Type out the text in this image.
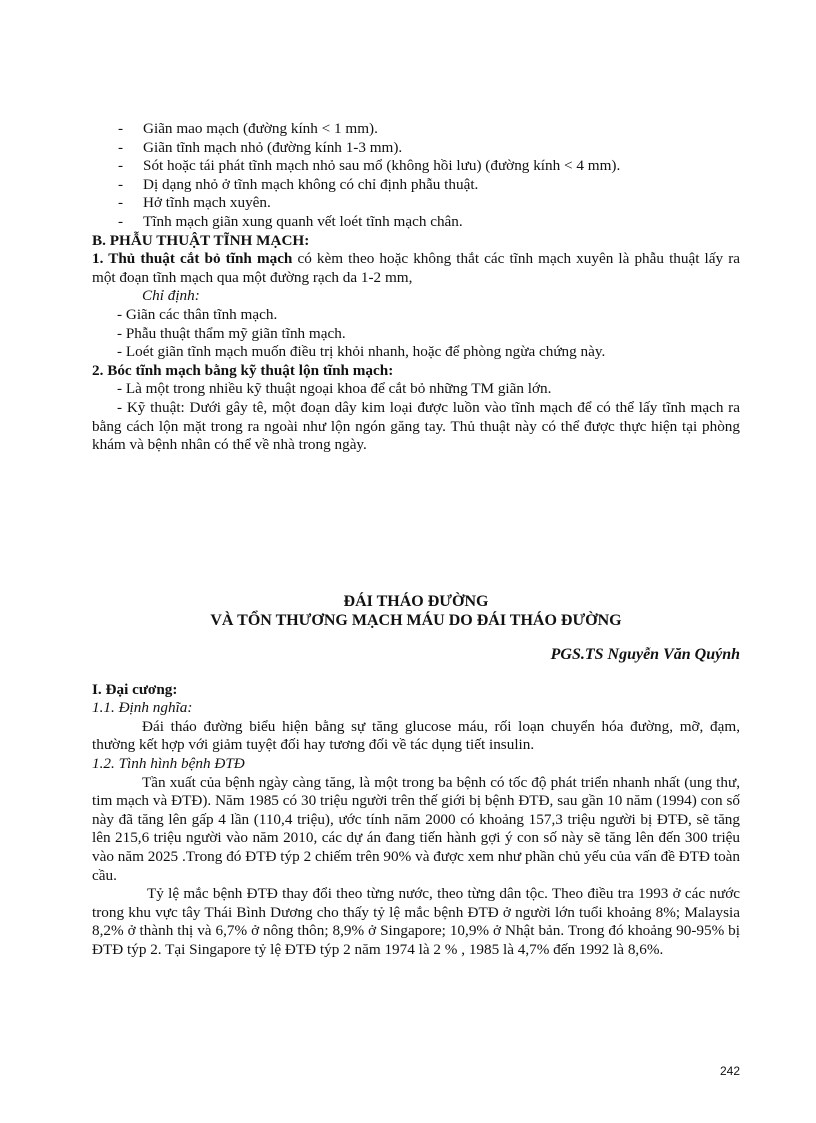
-	Giãn mao mạch (đường kính < 1 mm).
-	Giãn tĩnh mạch nhỏ (đường kính 1-3 mm).
-	Sót hoặc tái phát tĩnh mạch nhỏ sau mổ (không hồi lưu) (đường kính < 4 mm).
-	Dị dạng nhỏ ở tĩnh mạch không có chỉ định phẫu thuật.
-	Hở tĩnh mạch xuyên.
-	Tĩnh mạch giãn xung quanh vết loét tĩnh mạch chân.
B. PHẪU THUẬT TĨNH MẠCH:
1. Thủ thuật cắt bỏ tĩnh mạch có kèm theo hoặc không thắt các tĩnh mạch xuyên là phẫu thuật lấy ra một đoạn tĩnh mạch qua một đường rạch da 1-2 mm,
Chỉ định:
- Giãn các thân tĩnh mạch.
- Phẫu thuật thẩm mỹ giãn tĩnh mạch.
- Loét giãn tĩnh mạch muốn điều trị khỏi nhanh, hoặc để phòng ngừa chứng này.
2. Bóc tĩnh mạch bằng kỹ thuật lộn tĩnh mạch:
- Là một trong nhiều kỹ thuật ngoại khoa để cắt bỏ những TM giãn lớn.
- Kỹ thuật: Dưới gây tê, một đoạn dây kim loại được luồn vào tĩnh mạch để có thể lấy tĩnh mạch ra bằng cách lộn mặt trong ra ngoài như lộn ngón găng tay. Thủ thuật này có thể được thực hiện tại phòng khám và bệnh nhân có thể về nhà trong ngày.
ĐÁI THÁO ĐƯỜNG
VÀ TỔN THƯƠNG MẠCH MÁU DO ĐÁI THÁO ĐƯỜNG
PGS.TS Nguyễn Văn Quýnh
I. Đại cương:
1.1. Định nghĩa:
Đái tháo đường biểu hiện bằng sự tăng glucose máu, rối loạn chuyển hóa đường, mỡ, đạm, thường kết hợp với giảm tuyệt đối hay tương đối về tác dụng tiết insulin.
1.2. Tình hình bệnh ĐTĐ
Tần xuất của bệnh ngày càng tăng, là một trong ba bệnh có tốc độ phát triển nhanh nhất (ung thư, tim mạch và ĐTĐ). Năm 1985 có 30 triệu người trên thế giới bị bệnh ĐTĐ, sau gần 10 năm (1994) con số này đã tăng lên gấp 4 lần (110,4 triệu), ước tính năm 2000 có khoảng 157,3 triệu người bị ĐTĐ, sẽ tăng lên 215,6 triệu người vào năm 2010, các dự án đang tiến hành gợi ý con số này sẽ tăng lên đến 300 triệu vào năm 2025 .Trong đó ĐTĐ týp 2 chiếm trên 90% và được xem như phần chủ yếu của vấn đề ĐTĐ toàn cầu.
Tỷ lệ mắc bệnh ĐTĐ thay đổi theo từng nước, theo từng dân tộc. Theo điều tra 1993 ở các nước trong khu vực tây Thái Bình Dương cho thấy tỷ lệ mắc bệnh ĐTĐ ở người lớn tuổi khoảng 8%; Malaysia 8,2% ở thành thị và 6,7% ở nông thôn; 8,9% ở Singapore; 10,9% ở Nhật bản. Trong đó khoảng 90-95% bị ĐTĐ týp 2. Tại Singapore tỷ lệ ĐTĐ týp 2 năm 1974 là 2 % , 1985 là 4,7% đến 1992 là 8,6%.
242
